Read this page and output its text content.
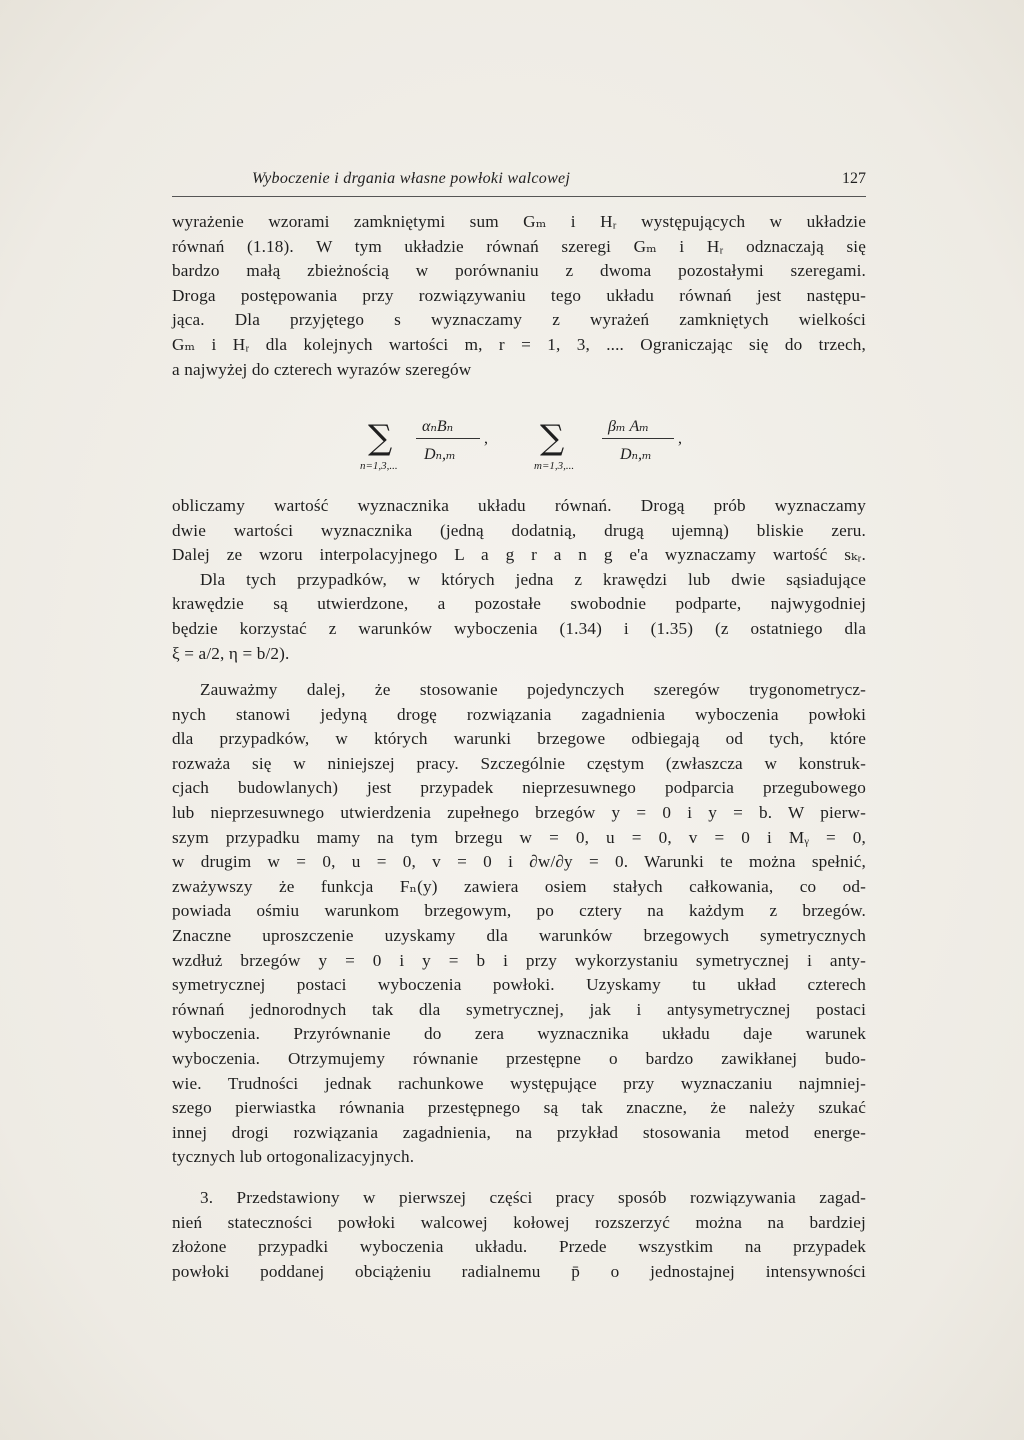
Wyboczenie i drgania własne powłoki walcowej	127
wyrażenie wzorami zamkniętymi sum Gₘ i Hᵣ występujących w układzie
równań (1.18). W tym układzie równań szeregi Gₘ i Hᵣ odznaczają się
bardzo małą zbieżnością w porównaniu z dwoma pozostałymi szeregami.
Droga postępowania przy rozwiązywaniu tego układu równań jest następu-
jąca. Dla przyjętego s wyznaczamy z wyrażeń zamkniętych wielkości
Gₘ i Hᵣ dla kolejnych wartości m, r = 1, 3, .... Ograniczając się do trzech,
a najwyżej do czterech wyrazów szeregów
∑
n=1,3,...
αₙBₙ
Dₙ,ₘ
, ∑
m=1,3,...
βₘ Aₘ
Dₙ,ₘ
,
obliczamy wartość wyznacznika układu równań. Drogą prób wyznaczamy
dwie wartości wyznacznika (jedną dodatnią, drugą ujemną) bliskie zeru.
Dalej ze wzoru interpolacyjnego L a g r a n g e'a wyznaczamy wartość sₖᵣ.
Dla tych przypadków, w których jedna z krawędzi lub dwie sąsiadujące
krawędzie są utwierdzone, a pozostałe swobodnie podparte, najwygodniej
będzie korzystać z warunków wyboczenia (1.34) i (1.35) (z ostatniego dla
ξ = a/2, η = b/2).
Zauważmy dalej, że stosowanie pojedynczych szeregów trygonometrycz-
nych stanowi jedyną drogę rozwiązania zagadnienia wyboczenia powłoki
dla przypadków, w których warunki brzegowe odbiegają od tych, które
rozważa się w niniejszej pracy. Szczególnie częstym (zwłaszcza w konstruk-
cjach budowlanych) jest przypadek nieprzesuwnego podparcia przegubowego
lub nieprzesuwnego utwierdzenia zupełnego brzegów y = 0 i y = b. W pierw-
szym przypadku mamy na tym brzegu w = 0, u = 0, v = 0 i Mᵧ = 0,
w drugim w = 0, u = 0, v = 0 i ∂w/∂y = 0. Warunki te można spełnić,
zważywszy że funkcja Fₙ(y) zawiera osiem stałych całkowania, co od-
powiada ośmiu warunkom brzegowym, po cztery na każdym z brzegów.
Znaczne uproszczenie uzyskamy dla warunków brzegowych symetrycznych
wzdłuż brzegów y = 0 i y = b i przy wykorzystaniu symetrycznej i anty-
symetrycznej postaci wyboczenia powłoki. Uzyskamy tu układ czterech
równań jednorodnych tak dla symetrycznej, jak i antysymetrycznej postaci
wyboczenia. Przyrównanie do zera wyznacznika układu daje warunek
wyboczenia. Otrzymujemy równanie przestępne o bardzo zawikłanej budo-
wie. Trudności jednak rachunkowe występujące przy wyznaczaniu najmniej-
szego pierwiastka równania przestępnego są tak znaczne, że należy szukać
innej drogi rozwiązania zagadnienia, na przykład stosowania metod energe-
tycznych lub ortogonalizacyjnych.
3. Przedstawiony w pierwszej części pracy sposób rozwiązywania zagad-
nień stateczności powłoki walcowej kołowej rozszerzyć można na bardziej
złożone przypadki wyboczenia układu. Przede wszystkim na przypadek
powłoki poddanej obciążeniu radialnemu p̄ o jednostajnej intensywności
